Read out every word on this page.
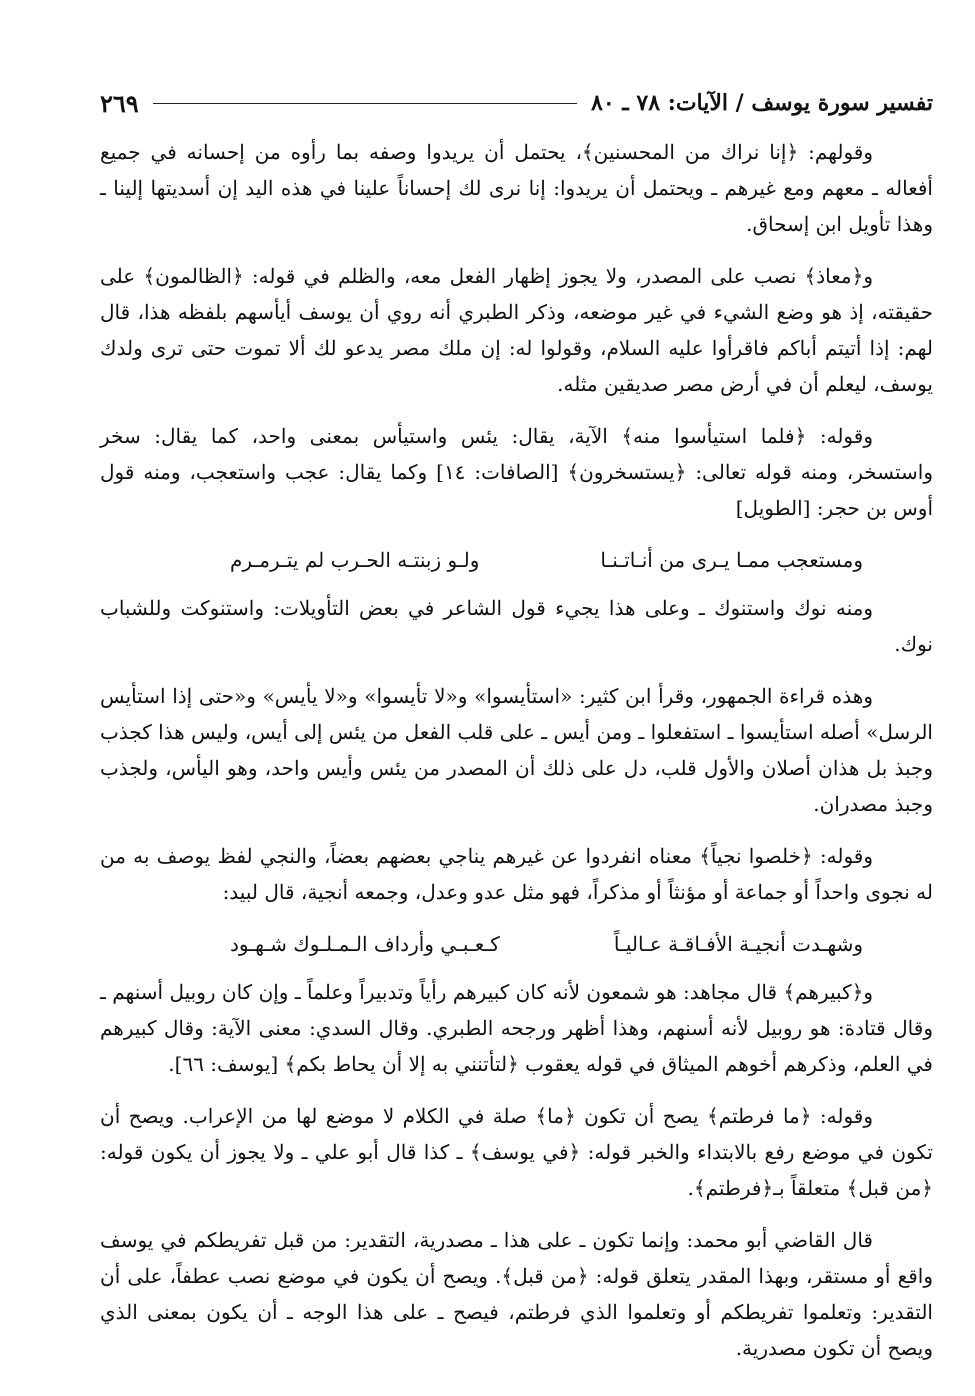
تفسير سورة يوسف / الآيات: ٧٨ ـ ٨٠
٢٦٩

وقولهم: ﴿إنا نراك من المحسنين﴾، يحتمل أن يريدوا وصفه بما رأوه من إحسانه في جميع أفعاله ـ معهم ومع غيرهم ـ ويحتمل أن يريدوا: إنا نرى لك إحساناً علينا في هذه اليد إن أسديتها إلينا ـ وهذا تأويل ابن إسحاق.

و﴿معاذ﴾ نصب على المصدر، ولا يجوز إظهار الفعل معه، والظلم في قوله: ﴿الظالمون﴾ على حقيقته، إذ هو وضع الشيء في غير موضعه، وذكر الطبري أنه روي أن يوسف أيأسهم بلفظه هذا، قال لهم: إذا أتيتم أباكم فاقرأوا عليه السلام، وقولوا له: إن ملك مصر يدعو لك ألا تموت حتى ترى ولدك يوسف، ليعلم أن في أرض مصر صديقين مثله.

وقوله: ﴿فلما استيأسوا منه﴾ الآية، يقال: يئس واستيأس بمعنى واحد، كما يقال: سخر واستسخر، ومنه قوله تعالى: ﴿يستسخرون﴾ [الصافات: ١٤] وكما يقال: عجب واستعجب، ومنه قول أوس بن حجر: [الطويل]

ومستعجب ممـا يـرى من أنـاتـنـا
ولـو زبنتـه الحـرب لم يتـرمـرم

ومنه نوك واستنوك ـ وعلى هذا يجيء قول الشاعر في بعض التأويلات: واستنوكت وللشباب نوك.

وهذه قراءة الجمهور، وقرأ ابن كثير: «استأيسوا» و«لا تأيسوا» و«لا يأيس» و«حتى إذا استأيس الرسل» أصله استأيسوا ـ استفعلوا ـ ومن أيس ـ على قلب الفعل من يئس إلى أيس، وليس هذا كجذب وجبذ بل هذان أصلان والأول قلب، دل على ذلك أن المصدر من يئس وأيس واحد، وهو اليأس، ولجذب وجبذ مصدران.

وقوله: ﴿خلصوا نجياً﴾ معناه انفردوا عن غيرهم يناجي بعضهم بعضاً، والنجي لفظ يوصف به من له نجوى واحداً أو جماعة أو مؤنثاً أو مذكراً، فهو مثل عدو وعدل، وجمعه أنجية، قال لبيد:

وشهـدت أنجيـة الأفـاقـة عـاليـاً
كـعـبـي وأرداف الـمـلـوك شـهـود

و﴿كبيرهم﴾ قال مجاهد: هو شمعون لأنه كان كبيرهم رأياً وتدبيراً وعلماً ـ وإن كان روبيل أسنهم ـ وقال قتادة: هو روبيل لأنه أسنهم، وهذا أظهر ورجحه الطبري. وقال السدي: معنى الآية: وقال كبيرهم في العلم، وذكرهم أخوهم الميثاق في قوله يعقوب ﴿لتأتنني به إلا أن يحاط بكم﴾ [يوسف: ٦٦].

وقوله: ﴿ما فرطتم﴾ يصح أن تكون ﴿ما﴾ صلة في الكلام لا موضع لها من الإعراب. ويصح أن تكون في موضع رفع بالابتداء والخبر قوله: ﴿في يوسف﴾ ـ كذا قال أبو علي ـ ولا يجوز أن يكون قوله: ﴿من قبل﴾ متعلقاً بـ﴿فرطتم﴾.

قال القاضي أبو محمد: وإنما تكون ـ على هذا ـ مصدرية، التقدير: من قبل تفريطكم في يوسف واقع أو مستقر، وبهذا المقدر يتعلق قوله: ﴿من قبل﴾. ويصح أن يكون في موضع نصب عطفاً، على أن التقدير: وتعلموا تفريطكم أو وتعلموا الذي فرطتم، فيصح ـ على هذا الوجه ـ أن يكون بمعنى الذي ويصح أن تكون مصدرية.
